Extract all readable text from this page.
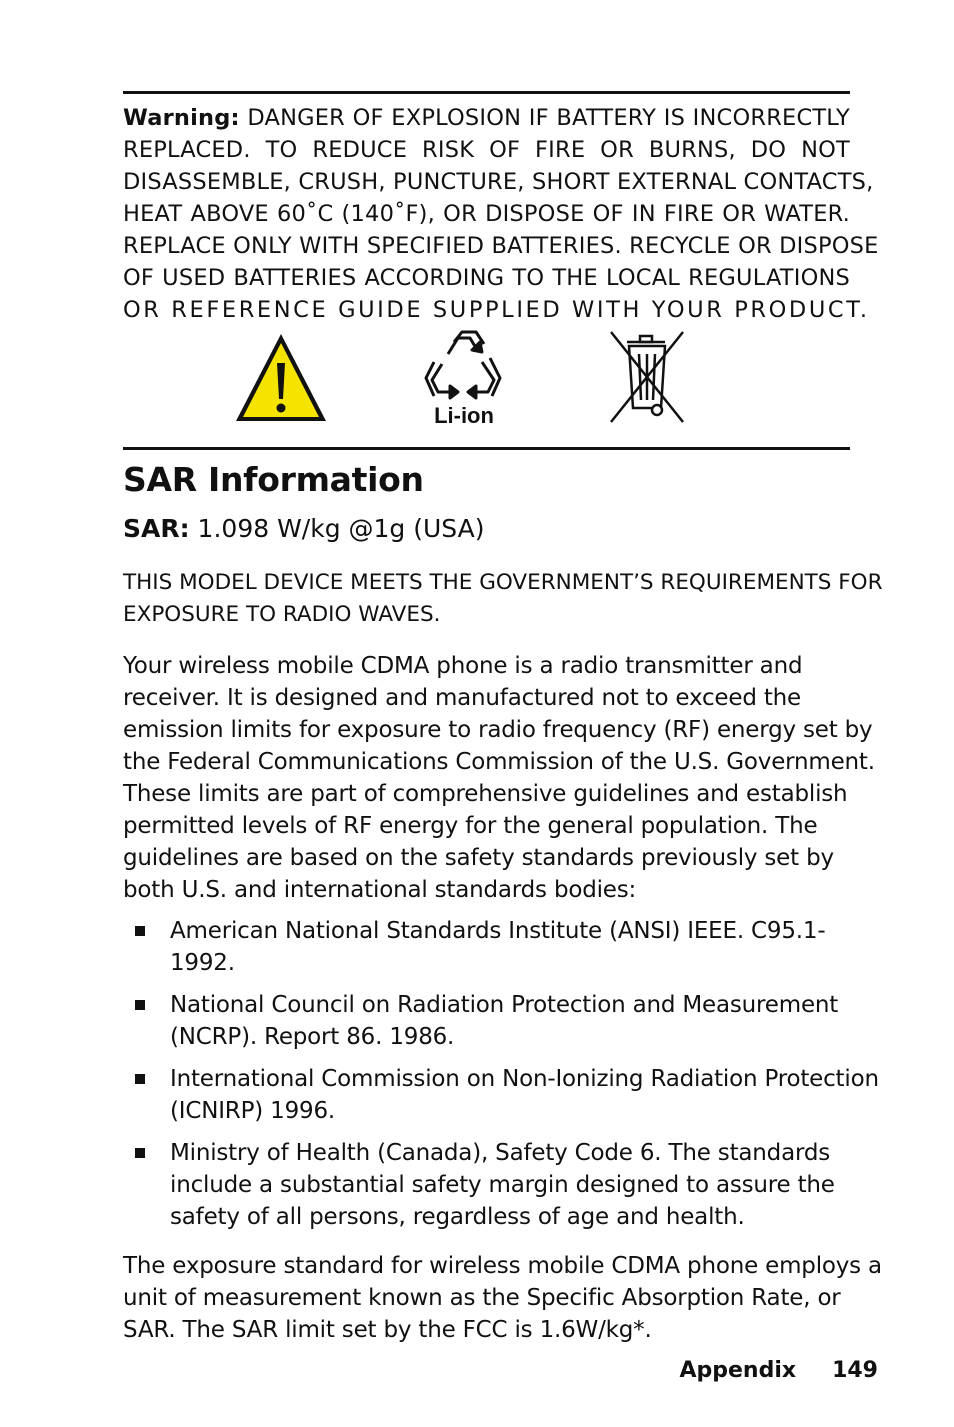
Warning: DANGER OF EXPLOSION IF BATTERY IS INCORRECTLY
REPLACED. TO REDUCE RISK OF FIRE OR BURNS, DO NOT
DISASSEMBLE, CRUSH, PUNCTURE, SHORT EXTERNAL CONTACTS,
HEAT ABOVE 60˚C (140˚F), OR DISPOSE OF IN FIRE OR WATER.
REPLACE ONLY WITH SPECIFIED BATTERIES. RECYCLE OR DISPOSE
OF USED BATTERIES ACCORDING TO THE LOCAL REGULATIONS
OR REFERENCE GUIDE SUPPLIED WITH YOUR PRODUCT.
Li-ion
SAR Information
SAR: 1.098 W/kg @1g (USA)
THIS MODEL DEVICE MEETS THE GOVERNMENT’S REQUIREMENTS FOR EXPOSURE TO RADIO WAVES.
Your wireless mobile CDMA phone is a radio transmitter and receiver. It is designed and manufactured not to exceed the emission limits for exposure to radio frequency (RF) energy set by the Federal Communications Commission of the U.S. Government. These limits are part of comprehensive guidelines and establish permitted levels of RF energy for the general population. The guidelines are based on the safety standards previously set by both U.S. and international standards bodies:
American National Standards Institute (ANSI) IEEE. C95.1-1992.
National Council on Radiation Protection and Measurement (NCRP). Report 86. 1986.
International Commission on Non-Ionizing Radiation Protection (ICNIRP) 1996.
Ministry of Health (Canada), Safety Code 6. The standards include a substantial safety margin designed to assure the safety of all persons, regardless of age and health.
The exposure standard for wireless mobile CDMA phone employs a unit of measurement known as the Specific Absorption Rate, or SAR. The SAR limit set by the FCC is 1.6W/kg*.
Appendix 149
